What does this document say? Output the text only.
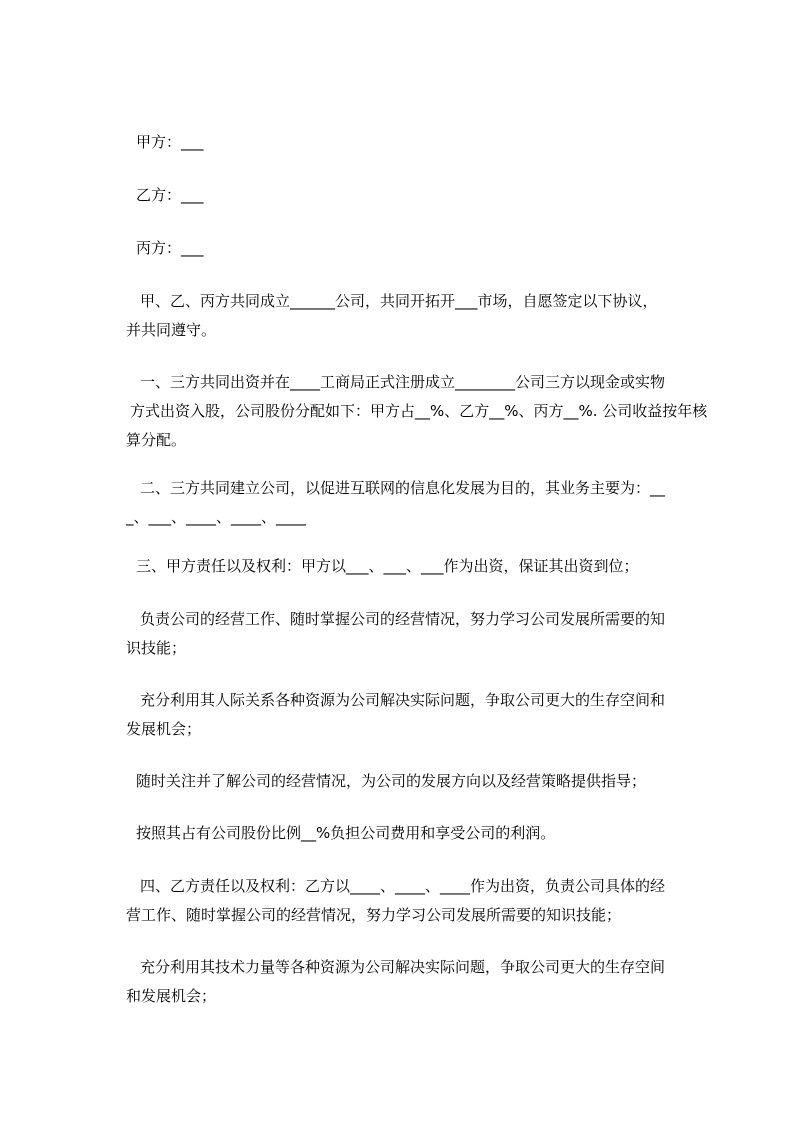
甲方：___
乙方：___
丙方：___
甲、乙、丙方共同成立______公司，共同开拓开___市场，自愿签定以下协议，
并共同遵守。
一、三方共同出资并在____工商局正式注册成立________公司三方以现金或实物
方式出资入股，公司股份分配如下：甲方占__%、乙方__%、丙方__%. 公司收益按年核
算分配。
二、三方共同建立公司，以促进互联网的信息化发展为目的，其业务主要为：__
_、___、____、____、____
三、甲方责任以及权利：甲方以___、___、___作为出资，保证其出资到位；
负责公司的经营工作、随时掌握公司的经营情况，努力学习公司发展所需要的知
识技能；
充分利用其人际关系各种资源为公司解决实际问题，争取公司更大的生存空间和
发展机会；
随时关注并了解公司的经营情况，为公司的发展方向以及经营策略提供指导；
按照其占有公司股份比例__%负担公司费用和享受公司的利润。
四、乙方责任以及权利：乙方以____、____、____作为出资，负责公司具体的经
营工作、随时掌握公司的经营情况，努力学习公司发展所需要的知识技能；
充分利用其技术力量等各种资源为公司解决实际问题，争取公司更大的生存空间
和发展机会；
